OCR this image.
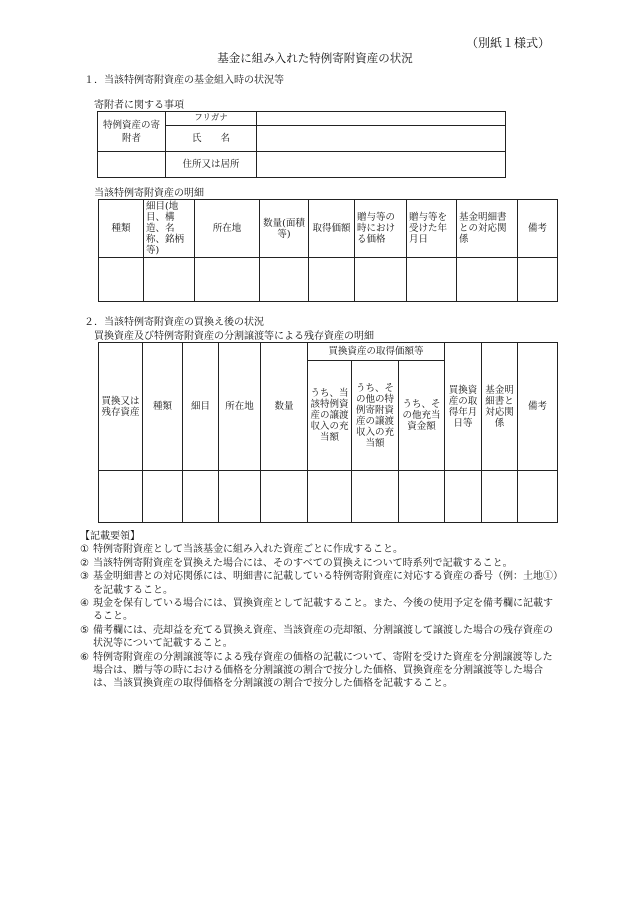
（別紙１様式）
基金に組み入れた特例寄附資産の状況
１．当該特例寄附資産の基金組入時の状況等
寄附者に関する事項
特例資産の寄附者	フリガナ	
	氏　　名	
	住所又は居所	
当該特例寄附資産の明細
種類	細目(地目、構造、名称、銘柄等)	所在地	数量(面積等)	取得価額	贈与等の時における価格	贈与等を受けた年月日	基金明細書との対応関係	備考

２．当該特例寄附資産の買換え後の状況
買換資産及び特例寄附資産の分割譲渡等による残存資産の明細
買換又は残存資産	種類	細目	所在地	数量	買換資産の取得価額等			買換資産の取得年月日等	基金明細書と対応関係	備考
					うち、当該特例資産の譲渡収入の充当額	うち、その他の特例寄附資産の譲渡収入の充当額	うち、その他充当資金額			

【記載要領】
① 特例寄附資産として当該基金に組み入れた資産ごとに作成すること。
② 当該特例寄附資産を買換えた場合には、そのすべての買換えについて時系列で記載すること。
③ 基金明細書との対応関係には、明細書に記載している特例寄附資産に対応する資産の番号（例：土地①）を記載すること。
④ 現金を保有している場合には、買換資産として記載すること。また、今後の使用予定を備考欄に記載すること。
⑤ 備考欄には、売却益を充てる買換え資産、当該資産の売却額、分割譲渡して譲渡した場合の残存資産の状況等について記載すること。
⑥ 特例寄附資産の分割譲渡等による残存資産の価格の記載について、寄附を受けた資産を分割譲渡等した場合は、贈与等の時における価格を分割譲渡の割合で按分した価格、買換資産を分割譲渡等した場合は、当該買換資産の取得価格を分割譲渡の割合で按分した価格を記載すること。
